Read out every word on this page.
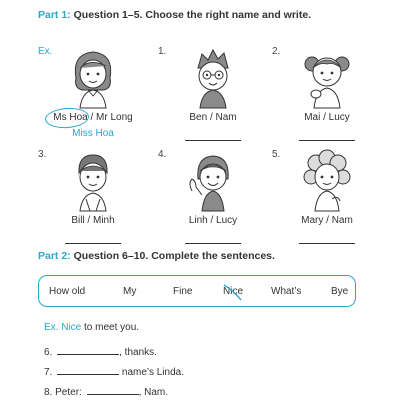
Part 1: Question 1–5. Choose the right name and write.
Ex.
Ms Hoa / Mr Long
Miss Hoa
1.
Ben / Nam
2.
Mai / Lucy
3.
Bill / Minh
4.
Linh / Lucy
5.
Mary / Nam
Part 2: Question 6–10. Complete the sentences.
How old	My	Fine	Nice	What’s	Bye
Ex. Nice to meet you.
6.	, thanks.
7.	name’s Linda.
8. Peter:	, Nam.
